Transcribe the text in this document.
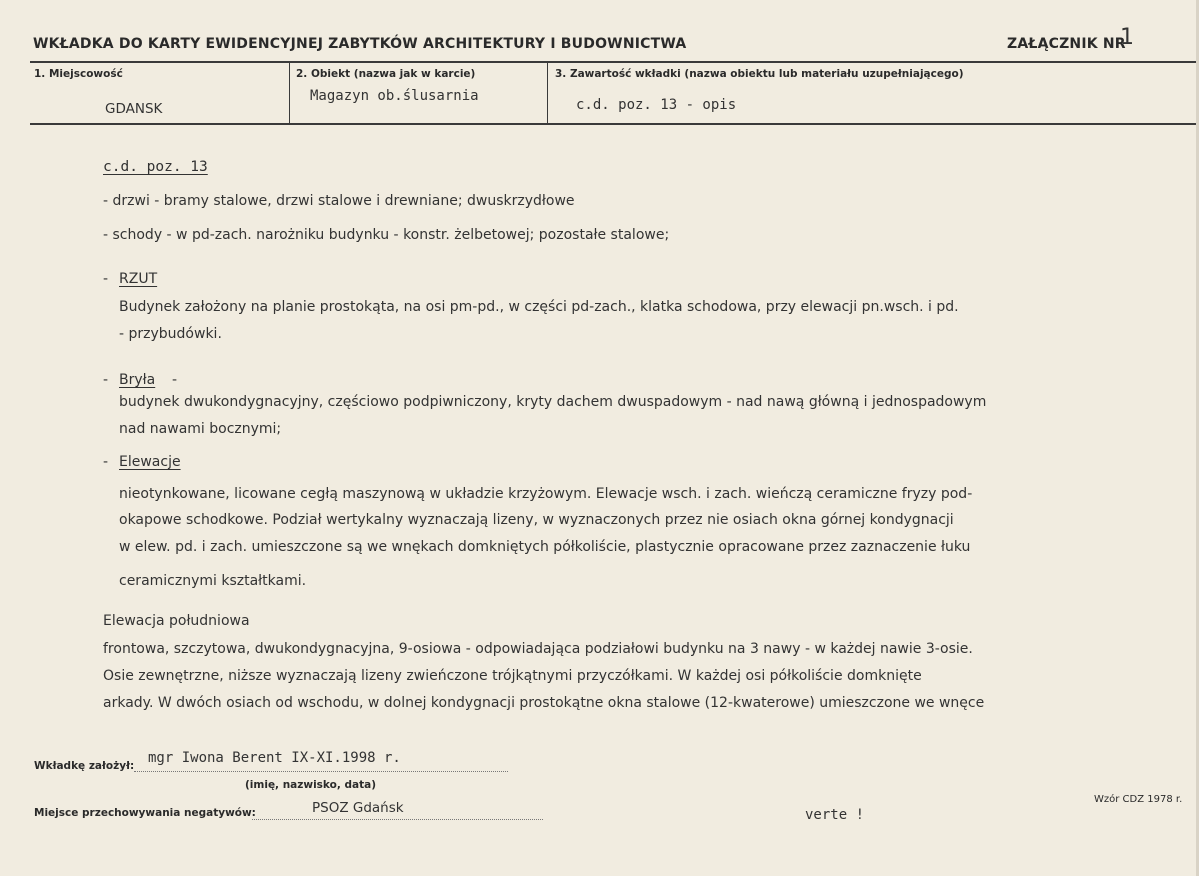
WKŁADKA DO KARTY EWIDENCYJNEJ ZABYTKÓW ARCHITEKTURY I BUDOWNICTWA	ZAŁĄCZNIK NR
1
1. Miejscowość
GDANSK
2. Obiekt (nazwa jak w karcie)
Magazyn ob.ślusarnia
3. Zawartość wkładki (nazwa obiektu lub materiału uzupełniającego)
c.d. poz. 13 - opis
c.d. poz. 13
- drzwi - bramy stalowe, drzwi stalowe i drewniane; dwuskrzydłowe
- schody - w pd-zach. narożniku budynku - konstr. żelbetowej; pozostałe stalowe;
- RZUT
Budynek założony na planie prostokąta, na osi pm-pd., w części pd-zach., klatka schodowa, przy elewacji pn.wsch. i pd.
- przybudówki.
- Bryła -
budynek dwukondygnacyjny, częściowo podpiwniczony, kryty dachem dwuspadowym - nad nawą główną i jednospadowym
nad nawami bocznymi;
- Elewacje
nieotynkowane, licowane cegłą maszynową w układzie krzyżowym. Elewacje wsch. i zach. wieńczą ceramiczne fryzy pod-
okapowe schodkowe. Podział wertykalny wyznaczają lizeny, w wyznaczonych przez nie osiach okna górnej kondygnacji
w elew. pd. i zach. umieszczone są we wnękach domkniętych półkoliście, plastycznie opracowane przez zaznaczenie łuku
ceramicznymi kształtkami.
Elewacja południowa
frontowa, szczytowa, dwukondygnacyjna, 9-osiowa - odpowiadająca podziałowi budynku na 3 nawy - w każdej nawie 3-osie.
Osie zewnętrzne, niższe wyznaczają lizeny zwieńczone trójkątnymi przyczółkami. W każdej osi półkoliście domknięte
arkady. W dwóch osiach od wschodu, w dolnej kondygnacji prostokątne okna stalowe (12-kwaterowe) umieszczone we wnęce
Wkładkę założył: mgr Iwona Berent IX-XI.1998 r.
(imię, nazwisko, data)
Miejsce przechowywania negatywów:	PSOZ Gdańsk	verte !
Wzór CDZ 1978 r.
